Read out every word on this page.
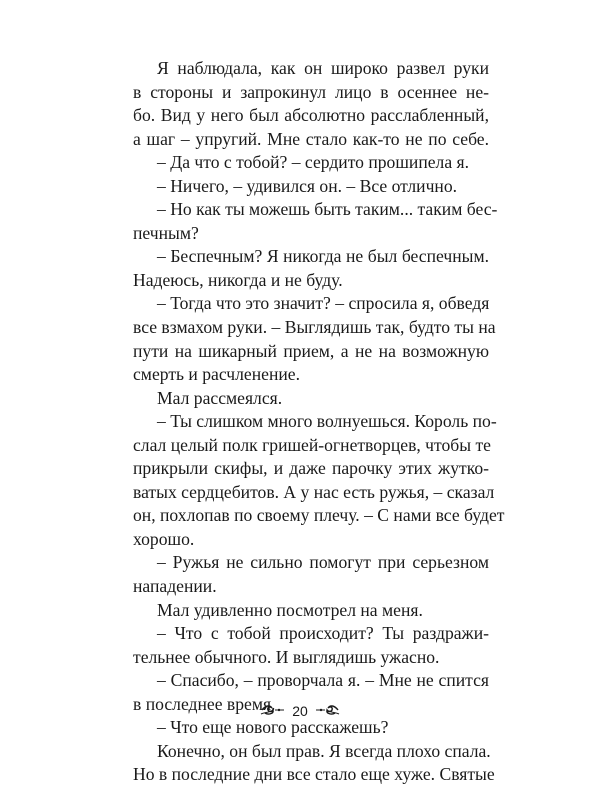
Я наблюдала, как он широко развел руки
в стороны и запрокинул лицо в осеннее не-
бо. Вид у него был абсолютно расслабленный,
а шаг – упругий. Мне стало как-то не по себе.
– Да что с тобой? – сердито прошипела я.
– Ничего, – удивился он. – Все отлично.
– Но как ты можешь быть таким... таким бес-
печным?
– Беспечным? Я никогда не был беспечным.
Надеюсь, никогда и не буду.
– Тогда что это значит? – спросила я, обведя
все взмахом руки. – Выглядишь так, будто ты на
пути на шикарный прием, а не на возможную
смерть и расчленение.
Мал рассмеялся.
– Ты слишком много волнуешься. Король по-
слал целый полк гришей-огнетворцев, чтобы те
прикрыли скифы, и даже парочку этих жутко-
ватых сердцебитов. А у нас есть ружья, – сказал
он, похлопав по своему плечу. – С нами все будет
хорошо.
– Ружья не сильно помогут при серьезном
нападении.
Мал удивленно посмотрел на меня.
– Что с тобой происходит? Ты раздражи-
тельнее обычного. И выглядишь ужасно.
– Спасибо, – проворчала я. – Мне не спится
в последнее время.
– Что еще нового расскажешь?
Конечно, он был прав. Я всегда плохо спала.
Но в последние дни все стало еще хуже. Святые
20
